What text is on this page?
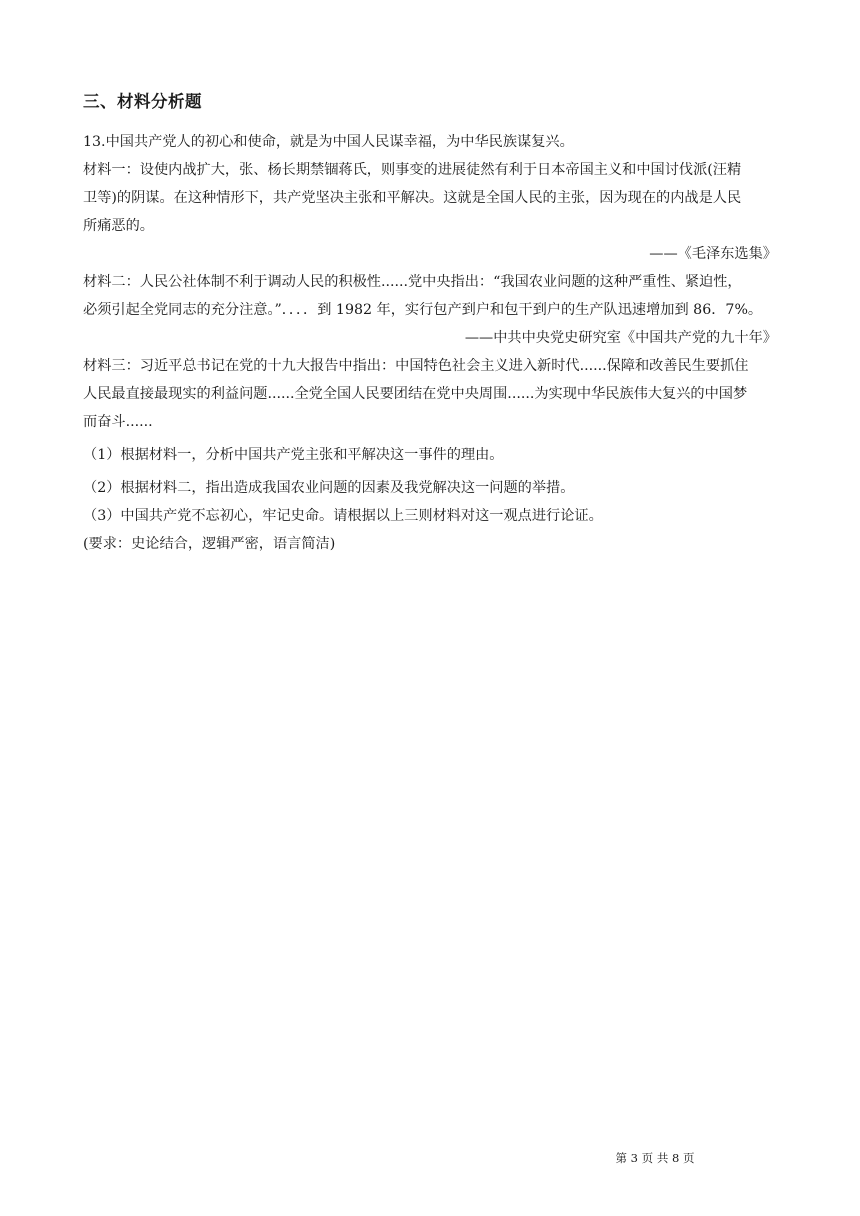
三、材料分析题
13.中国共产党人的初心和使命，就是为中国人民谋幸福，为中华民族谋复兴。
材料一：设使内战扩大，张、杨长期禁锢蒋氏，则事变的进展徒然有利于日本帝国主义和中国讨伐派(汪精
卫等)的阴谋。在这种情形下，共产党坚决主张和平解决。这就是全国人民的主张，因为现在的内战是人民
所痛恶的。
——《毛泽东选集》
材料二：人民公社体制不利于调动人民的积极性......党中央指出：“我国农业问题的这种严重性、紧迫性，
必须引起全党同志的充分注意。”．．．．到 1982 年，实行包产到户和包干到户的生产队迅速增加到 86．7%。
——中共中央党史研究室《中国共产党的九十年》
材料三：习近平总书记在党的十九大报告中指出：中国特色社会主义进入新时代......保障和改善民生要抓住
人民最直接最现实的利益问题......全党全国人民要团结在党中央周围......为实现中华民族伟大复兴的中国梦
而奋斗......
（1）根据材料一，分析中国共产党主张和平解决这一事件的理由。
（2）根据材料二，指出造成我国农业问题的因素及我党解决这一问题的举措。
（3）中国共产党不忘初心，牢记史命。请根据以上三则材料对这一观点进行论证。
(要求：史论结合，逻辑严密，语言简洁)
第 3 页 共 8 页
